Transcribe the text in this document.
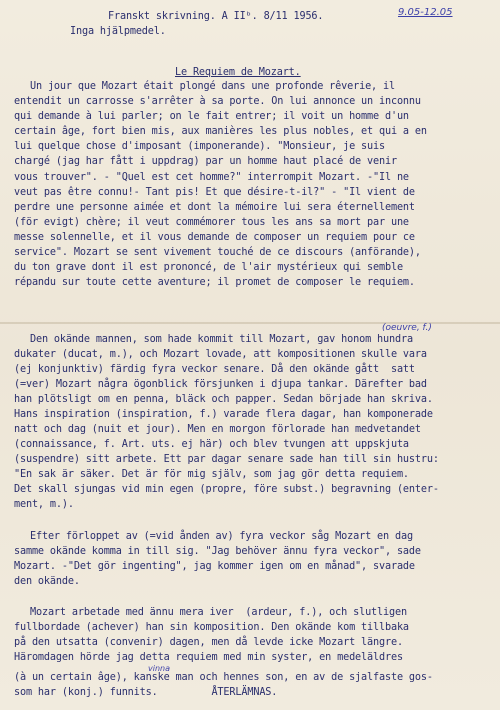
Franskt skrivning. A IIᵇ. 8/11 1956.	9.05-12.05
Inga hjälpmedel.
Le Requiem de Mozart.
Un jour que Mozart était plongé dans une profonde rêverie, il
entendit un carrosse s'arrêter à sa porte. On lui annonce un inconnu
qui demande à lui parler; on le fait entrer; il voit un homme d'un
certain âge, fort bien mis, aux manières les plus nobles, et qui a en
lui quelque chose d'imposant (imponerande). "Monsieur, je suis
chargé (jag har fått i uppdrag) par un homme haut placé de venir
vous trouver". - "Quel est cet homme?" interrompit Mozart. -"Il ne
veut pas être connu!- Tant pis! Et que désire-t-il?" - "Il vient de
perdre une personne aimée et dont la mémoire lui sera éternellement
(för evigt) chère; il veut commémorer tous les ans sa mort par une
messe solennelle, et il vous demande de composer un requiem pour ce
service". Mozart se sent vivement touché de ce discours (anförande),
du ton grave dont il est prononcé, de l'air mystérieux qui semble
répandu sur toute cette aventure; il promet de composer le requiem.
(oeuvre, f.)
Den okände mannen, som hade kommit till Mozart, gav honom hundra
dukater (ducat, m.), och Mozart lovade, att kompositionen skulle vara
(ej konjunktiv) färdig fyra veckor senare. Då den okände gått  satt
(=ver) Mozart några ögonblick försjunken i djupa tankar. Därefter bad
han plötsligt om en penna, bläck och papper. Sedan började han skriva.
Hans inspiration (inspiration, f.) varade flera dagar, han komponerade
natt och dag (nuit et jour). Men en morgon förlorade han medvetandet
(connaissance, f. Art. uts. ej här) och blev tvungen att uppskjuta
(suspendre) sitt arbete. Ett par dagar senare sade han till sin hustru:
"En sak är säker. Det är för mig själv, som jag gör detta requiem.
Det skall sjungas vid min egen (propre, före subst.) begravning (enter-
ment, m.).
Efter förloppet av (=vid ånden av) fyra veckor såg Mozart en dag
samme okände komma in till sig. "Jag behöver ännu fyra veckor", sade
Mozart. -"Det gör ingenting", jag kommer igen om en månad", svarade
den okände.
Mozart arbetade med ännu mera iver  (ardeur, f.), och slutligen
fullbordade (achever) han sin komposition. Den okände kom tillbaka
på den utsatta (convenir) dagen, men då levde icke Mozart längre.
Häromdagen hörde jag detta requiem med min syster, en medeläldres
vinna
(à un certain âge), kanske man och hennes son, en av de sjalfaste gos-
som har (konj.) funnits.         ÅTERLÄMNAS.
